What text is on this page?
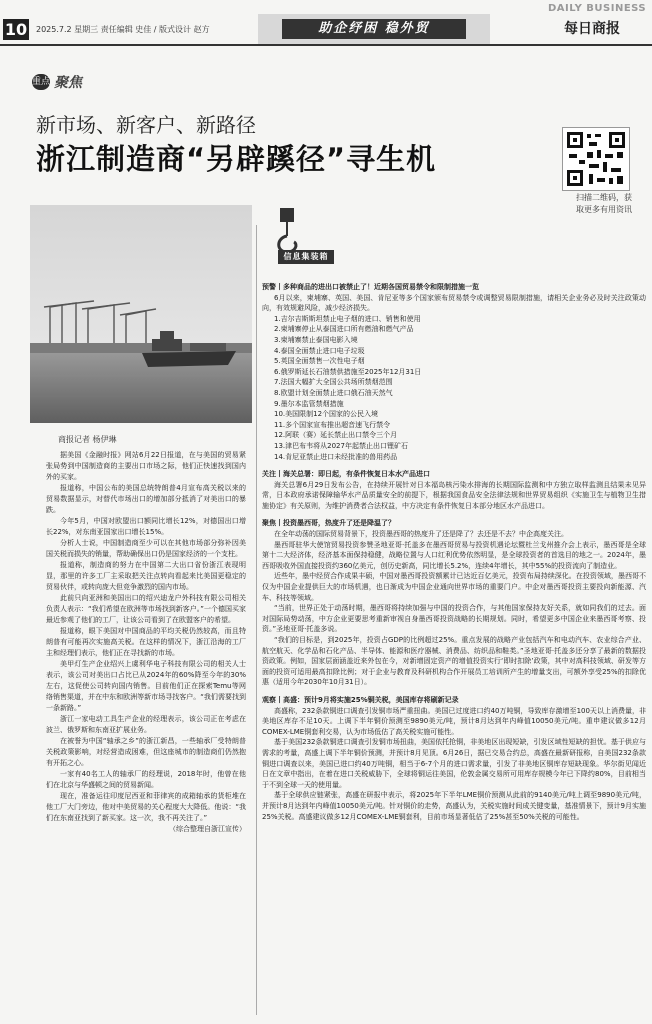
10 2025.7.2 星期三 责任编辑 史佳 / 版式设计 赵方	助企纾困 稳外贸
DAILY BUSINESS
每日商报
重点 聚焦
新市场、新客户、新路径
浙江制造商“另辟蹊径”寻生机
扫描二维码，获取更多有用资讯
商报记者 杨伊琳

据美国《金融时报》网站6月22日报道，在与美国的贸易紧张局势到中国制造商的主要出口市场之际，他们正快速找到国内外的买家。

报道称，中国公布的美国总统特朗普4月宣布高关税以来的贸易数据显示，对替代市场出口的增加部分抵消了对美出口的暴跌。

今年5月，中国对欧盟出口额同比增长12%，对德国出口增长22%，对东南亚国家出口增长15%。

分析人士说，中国制造商至少可以在其他市场部分弥补因美国关税而损失的销量，帮助确保出口仍是国家经济的一个支柱。

报道称，制造商的努力在中国第二大出口省份浙江表现明显，那里的许多工厂主采取把关注点转向看起来比美国更稳定的贸易伙伴，或转向庞大但竞争激烈的国内市场。

此前只向亚洲和美国出口的绍兴迪龙户外科技有限公司相关负责人表示：“我们希望在欧洲等市场找到新客户。”一个德国买家最近参观了他们的工厂，让该公司看到了在欧盟客户的希望。

报道称，眼下美国对中国商品的平均关税仍然较高，而且特朗普有可能再次实施高关税。在这样的情况下，浙江沿海的工厂主和经理们表示，他们正在寻找新的市场。

美甲灯生产企业绍兴上虞利华电子科技有限公司的相关人士表示，该公司对美出口占比已从2024年的60%降至今年的30%左右，这促使公司转向国内销售。目前他们正在探索Temu等网络销售渠道，并在中东和欧洲等新市场寻找客户。“我们需要找到一条新路。”

浙江一家电动工具生产企业的经理表示，该公司正在考虑在波兰、俄罗斯和东南亚扩展业务。

在被誉为中国“轴承之乡”的浙江新昌，一些轴承厂受特朗普关税政策影响，对经营造成困难，但这座城市的制造商们仍然抱有开拓之心。

一家有40名工人的轴承厂的经理说，2018年时，他曾在他们在北京与华盛顿之间的贸易新闻。

现在，准备运往印度尼西亚和菲律宾的成箱轴承的货柜堆在他工厂大门旁边，他对中美贸易的关心程度大大降低。他说：“我们在东南亚找到了新买家。这一次，我不再关注了。”

（综合整理自浙江宣传）

信息集装箱

预警丨多种商品的进出口被禁止了！近期各国贸易禁令和限制措施一览

6月以来，柬埔寨、英国、美国、肯尼亚等多个国家颁布贸易禁令或调整贸易限制措施，请相关企业务必及时关注政策动向，有效规避风险，减少经济损失。

1.吉尔吉斯斯坦禁止电子烟的进口、销售和使用

2.柬埔寨停止从泰国进口所有燃油和燃气产品

3.柬埔寨禁止泰国电影入境

4.泰国全面禁止进口电子垃圾

5.英国全面禁售一次性电子烟

6.俄罗斯延长石油禁供措施至2025年12月31日

7.法国大幅扩大全国公共场所禁烟范围

8.欧盟计划全面禁止进口俄石油天然气

9.墨尔本监管禁烟措施

10.美国限制12个国家的公民入境

11.多个国家宣布推出超音速飞行禁令

12.阿联（赛）延长禁止出口禁令三个月

13.津巴布韦将从2027年起禁止出口锂矿石

14.肯尼亚禁止进口未经批准的兽用药品

关注丨海关总署：即日起，有条件恢复日本水产品进口

海关总署6月29日发布公告，在持续开展针对日本福岛核污染水排海的长期国际监测和中方独立取样监测且结果未见异常，日本政府承诺保障输华水产品质量安全的前提下，根据我国食品安全法律法规和世界贸易组织《实施卫生与植物卫生措施协定》有关原则，为维护消费者合法权益，中方决定有条件恢复日本部分地区水产品进口。

聚焦丨投资墨西哥，热度升了还是降温了？

在全年动荡的国际贸易背景下，投资墨西哥的热度升了还是降了？去还是不去？中企高度关注。

墨西哥驻华大使馆贸易投资参赞圣地亚哥·托盖多在墨西哥贸易与投资机遇论坛暨杜兰戈州推介会上表示，墨西哥是全球第十二大经济体，经济基本面保持稳健，战略位置与人口红利优势依然明显，是全球投资者的首选目的地之一。2024年，墨西哥吸收外国直接投资约360亿美元，创历史新高，同比增长5.2%，连续4年增长，其中55%的投资流向了制造业。

近些年，墨中经贸合作成果丰硕，中国对墨西哥投资额累计已达近百亿美元，投资布局持续深化。在投资领域，墨西哥不仅为中国企业提供巨大的市场机遇，也日渐成为中国企业通向世界市场的重要门户。中企对墨西哥投资主要投向新能源、汽车、科技等领域。

“当前，世界正处于动荡时期，墨西哥将持续加强与中国的投资合作，与其他国家保持友好关系，就如同我们的过去。面对国际局势动荡，中方企业更要思考重新审视自身墨西哥投资战略的长期规划。同时，希望更多中国企业来墨西哥考察、投资。”圣地亚哥·托盖多说。

“我们的目标是，到2025年，投资占GDP的比例超过25%。重点发展的战略产业包括汽车和电动汽车、农业综合产业、航空航天、化学品和石化产品、半导体、能源和医疗器械、消费品、纺织品和鞋类。”圣地亚哥·托盖多还分享了最新的数据投资政策。例如，国家层面涵盖近来外包在今，对新增固定资产的增值投资实行‘即时扣除’政策，其中对高科技领域、研发等方面的投资可适用最高扣除比例；对于企业与教育及科研机构合作开展员工培训所产生的增量支出，可额外享受25%的扣除优惠（适用今年2030年10月31日）。

观察丨高盛：预计9月将实施25%铜关税，美国库存将刷新记录

高盛称，232条款铜进口调查引发铜市场严重扭曲。美国已过度进口约40万吨铜，导致库存激增至100天以上消费量，非美地区库存不足10天。上调下半年铜价预测至9890美元/吨，预计8月达到年内峰值10050美元/吨。重申建议做多12月COMEX-LME铜套利交易，认为市场低估了高关税实施可能性。

基于美国232条款铜进口调查引发铜市场扭曲，美国依托抢铜，非美地区出现短缺，引发区域性短缺的担忧。基于供应与需求的考量，高盛上调下半年铜价预测，并预计8月见顶。6月26日，据已交易合约总，高盛在最新研报称，自美国232条款铜进口调查以来，美国已进口约40万吨铜，相当于6-7个月的进口需求量，引发了非美地区铜库存短缺现象。华尔街见闻近日在文章中指出，在着在进口关税威胁下，全球将铜运往美国，伦敦金属交易所可用库存规模今年已下降约80%，目前相当于不到全球一天的使用量。

基于全球供应链紧张，高盛在研报中表示，将2025年下半年LME铜价预测从此前的9140美元/吨上调至9890美元/吨，并预计8月达到年内峰值10050美元/吨。针对铜价的走势，高盛认为，关税实施时间成关键变量，基准情景下，预计9月实施25%关税。高盛建议做多12月COMEX-LME铜套利，目前市场显著低估了25%甚至50%关税的可能性。
